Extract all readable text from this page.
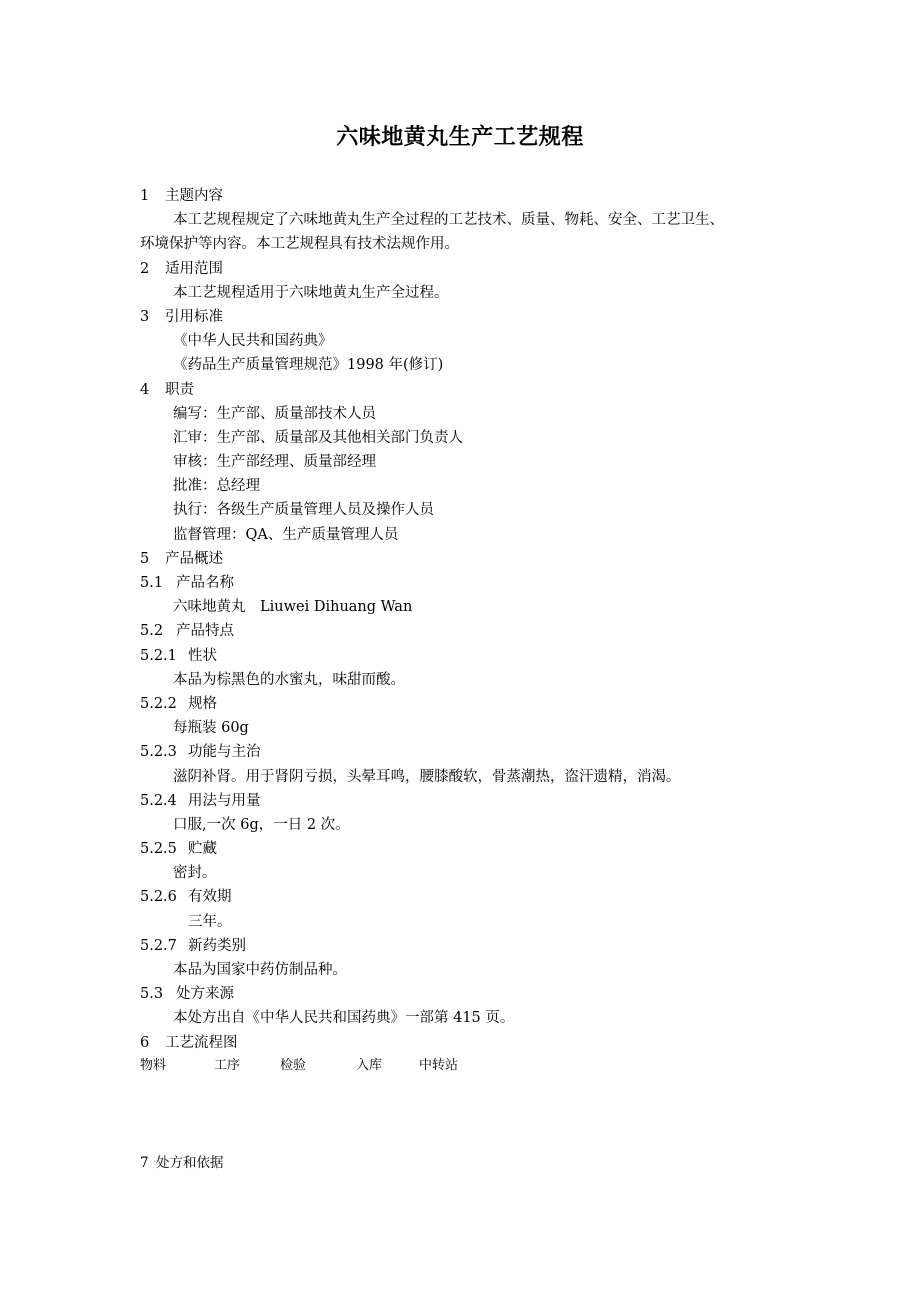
六味地黄丸生产工艺规程
1 主题内容
本工艺规程规定了六味地黄丸生产全过程的工艺技术、质量、物耗、安全、工艺卫生、
环境保护等内容。本工艺规程具有技术法规作用。
2 适用范围
本工艺规程适用于六味地黄丸生产全过程。
3 引用标准
《中华人民共和国药典》
《药品生产质量管理规范》1998 年(修订)
4 职责
编写：生产部、质量部技术人员
汇审：生产部、质量部及其他相关部门负责人
审核：生产部经理、质量部经理
批准：总经理
执行：各级生产质量管理人员及操作人员
监督管理：QA、生产质量管理人员
5 产品概述
5.1 产品名称
六味地黄丸　Liuwei Dihuang Wan
5.2 产品特点
5.2.1 性状
本品为棕黑色的水蜜丸，味甜而酸。
5.2.2 规格
每瓶装 60g
5.2.3 功能与主治
滋阴补肾。用于肾阴亏损，头晕耳鸣，腰膝酸软，骨蒸潮热，盗汗遗精，消渴。
5.2.4 用法与用量
口服,一次 6g，一日 2 次。
5.2.5 贮藏
密封。
5.2.6 有效期
三年。
5.2.7 新药类别
本品为国家中药仿制品种。
5.3 处方来源
本处方出自《中华人民共和国药典》一部第 415 页。
6 工艺流程图
物料	工序	检验	入库	中转站
7 处方和依据
